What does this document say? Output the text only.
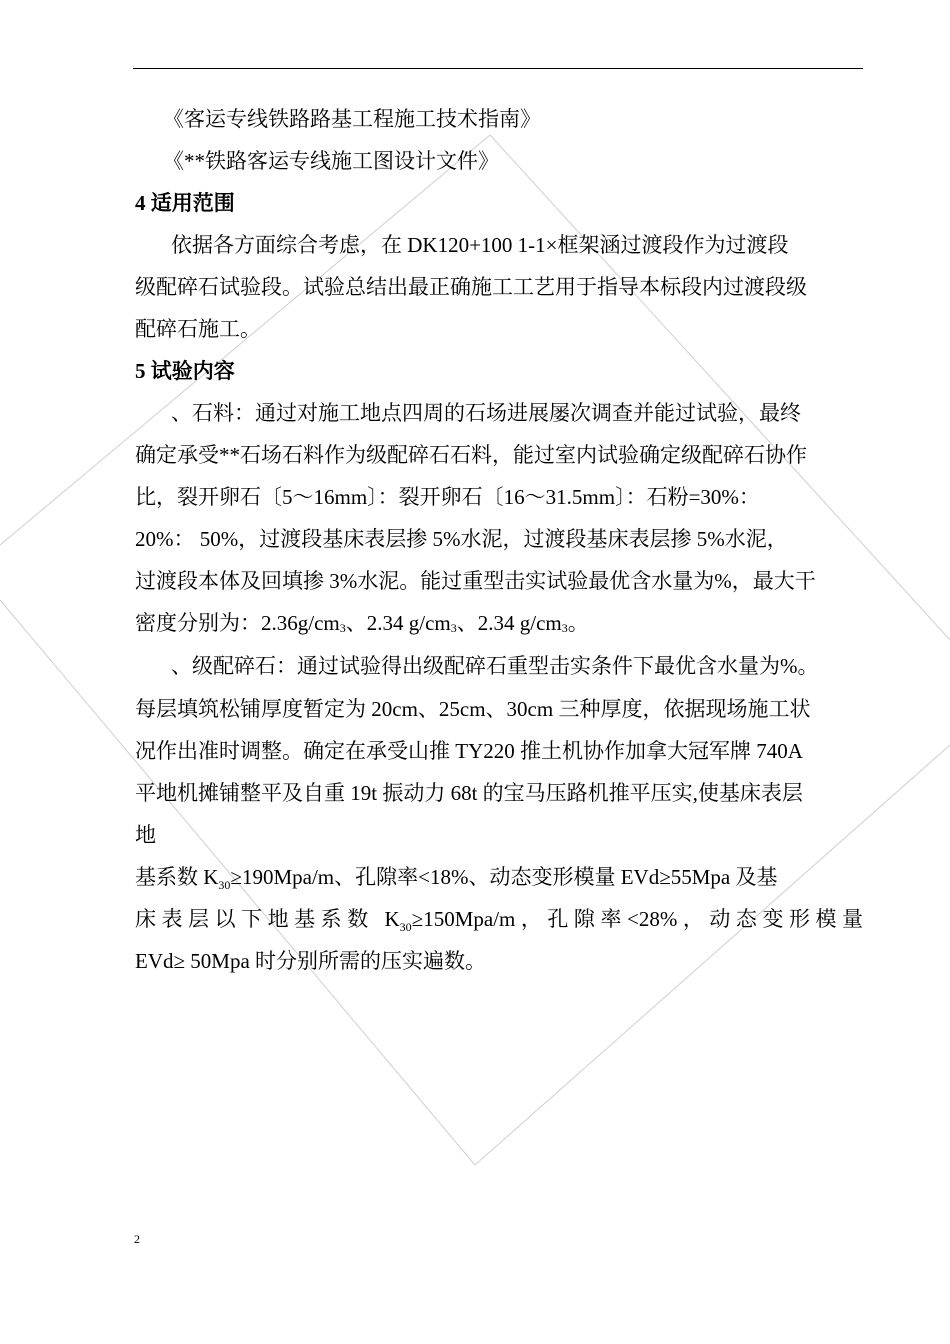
《客运专线铁路路基工程施工技术指南》
《**铁路客运专线施工图设计文件》
4 适用范围
依据各方面综合考虑，在 DK120+100 1-1×框架涵过渡段作为过渡段
级配碎石试验段。试验总结出最正确施工工艺用于指导本标段内过渡段级
配碎石施工。
5 试验内容
、石料：通过对施工地点四周的石场进展屡次调查并能过试验，最终
确定承受**石场石料作为级配碎石石料，能过室内试验确定级配碎石协作
比，裂开卵石〔5～16mm〕：裂开卵石〔16～31.5mm〕：石粉=30%：
20%： 50%，过渡段基床表层掺 5%水泥，过渡段基床表层掺 5%水泥，
过渡段本体及回填掺 3%水泥。能过重型击实试验最优含水量为%，最大干
密度分别为：$2.36g/cm^3$、2.34 $g/cm^3$、2.34 $g/cm^3$。
、级配碎石：通过试验得出级配碎石重型击实条件下最优含水量为%。
每层填筑松铺厚度暂定为 20cm、25cm、30cm 三种厚度，依据现场施工状
况作出准时调整。确定在承受山推 TY220 推土机协作加拿大冠军牌 740A
平地机摊铺整平及自重 19t 振动力 68t 的宝马压路机推平压实,使基床表层
地
基系数 $K_{30}\ge 190Mpa/m$、孔隙率<18%、动态变形模量 EVd≥55Mpa 及基
床表层以下地基系数 $K_{30}\ge 150Mpa/m$，孔隙率<28%，动态变形模量
EVd≥ 50Mpa 时分别所需的压实遍数。
2
